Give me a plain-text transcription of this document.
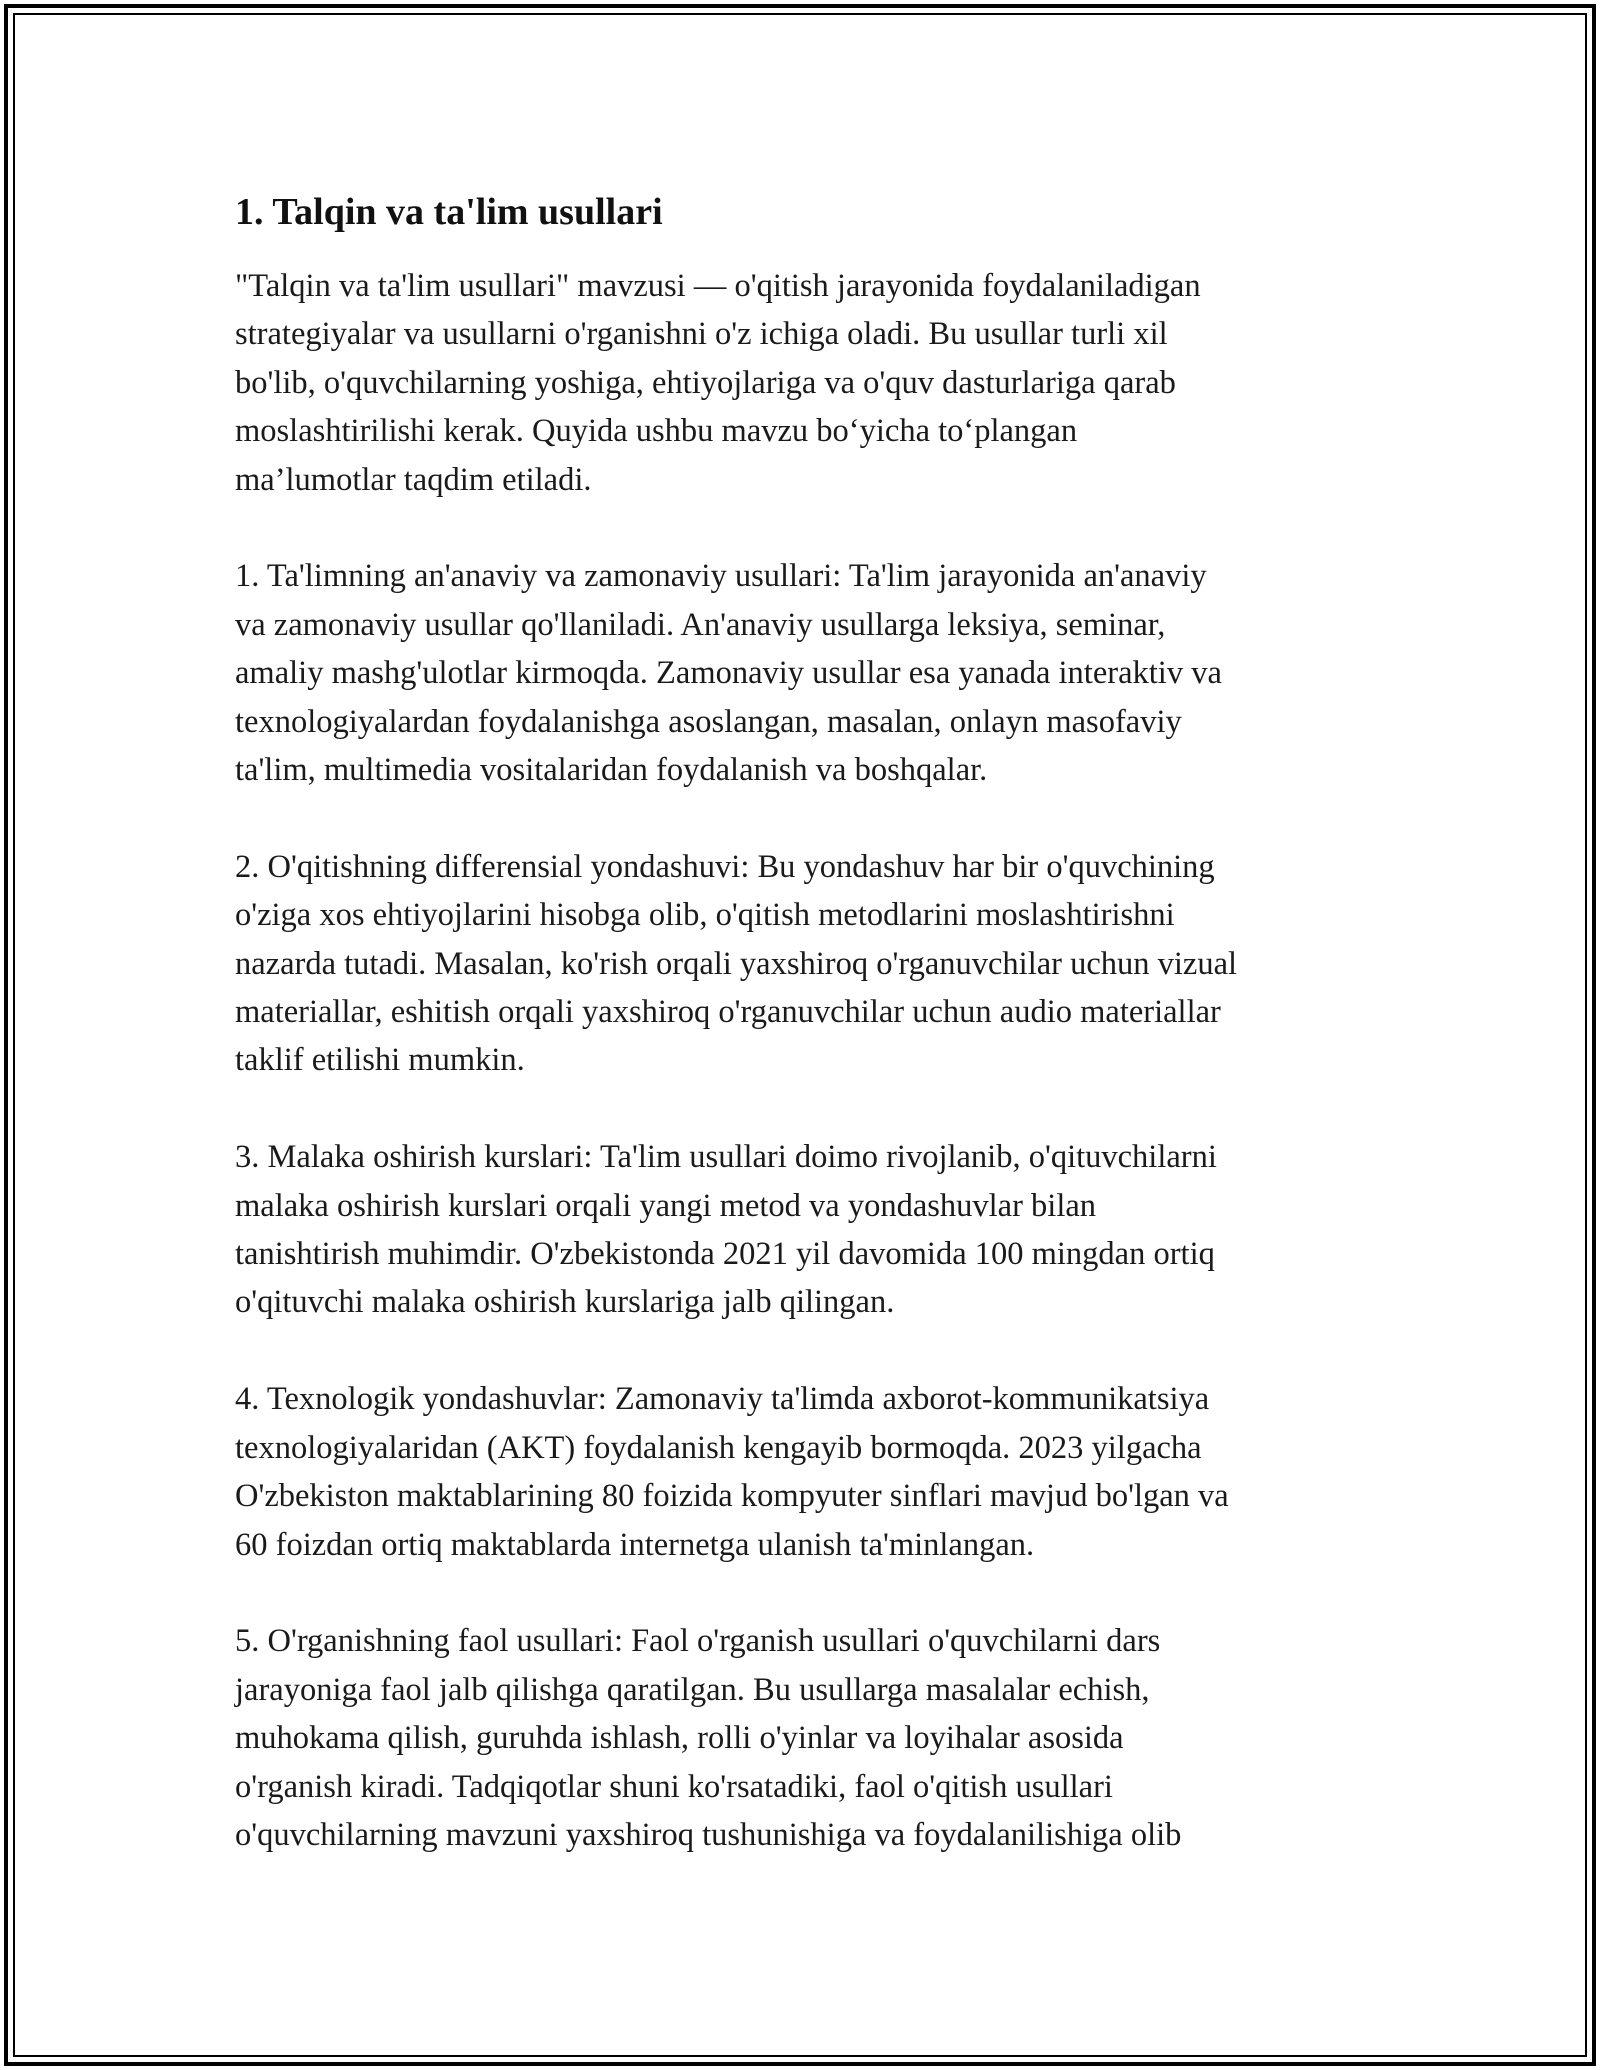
1. Talqin va ta'lim usullari

"Talqin va ta'lim usullari" mavzusi — o'qitish jarayonida foydalaniladigan
strategiyalar va usullarni o'rganishni o'z ichiga oladi. Bu usullar turli xil
bo'lib, o'quvchilarning yoshiga, ehtiyojlariga va o'quv dasturlariga qarab
moslashtirilishi kerak. Quyida ushbu mavzu bo‘yicha to‘plangan
ma’lumotlar taqdim etiladi.

1. Ta'limning an'anaviy va zamonaviy usullari: Ta'lim jarayonida an'anaviy
va zamonaviy usullar qo'llaniladi. An'anaviy usullarga leksiya, seminar,
amaliy mashg'ulotlar kirmoqda. Zamonaviy usullar esa yanada interaktiv va
texnologiyalardan foydalanishga asoslangan, masalan, onlayn masofaviy
ta'lim, multimedia vositalaridan foydalanish va boshqalar.

2. O'qitishning differensial yondashuvi: Bu yondashuv har bir o'quvchining
o'ziga xos ehtiyojlarini hisobga olib, o'qitish metodlarini moslashtirishni
nazarda tutadi. Masalan, ko'rish orqali yaxshiroq o'rganuvchilar uchun vizual
materiallar, eshitish orqali yaxshiroq o'rganuvchilar uchun audio materiallar
taklif etilishi mumkin.

3. Malaka oshirish kurslari: Ta'lim usullari doimo rivojlanib, o'qituvchilarni
malaka oshirish kurslari orqali yangi metod va yondashuvlar bilan
tanishtirish muhimdir. O'zbekistonda 2021 yil davomida 100 mingdan ortiq
o'qituvchi malaka oshirish kurslariga jalb qilingan.

4. Texnologik yondashuvlar: Zamonaviy ta'limda axborot-kommunikatsiya
texnologiyalaridan (AKT) foydalanish kengayib bormoqda. 2023 yilgacha
O'zbekiston maktablarining 80 foizida kompyuter sinflari mavjud bo'lgan va
60 foizdan ortiq maktablarda internetga ulanish ta'minlangan.

5. O'rganishning faol usullari: Faol o'rganish usullari o'quvchilarni dars
jarayoniga faol jalb qilishga qaratilgan. Bu usullarga masalalar echish,
muhokama qilish, guruhda ishlash, rolli o'yinlar va loyihalar asosida
o'rganish kiradi. Tadqiqotlar shuni ko'rsatadiki, faol o'qitish usullari
o'quvchilarning mavzuni yaxshiroq tushunishiga va foydalanilishiga olib
